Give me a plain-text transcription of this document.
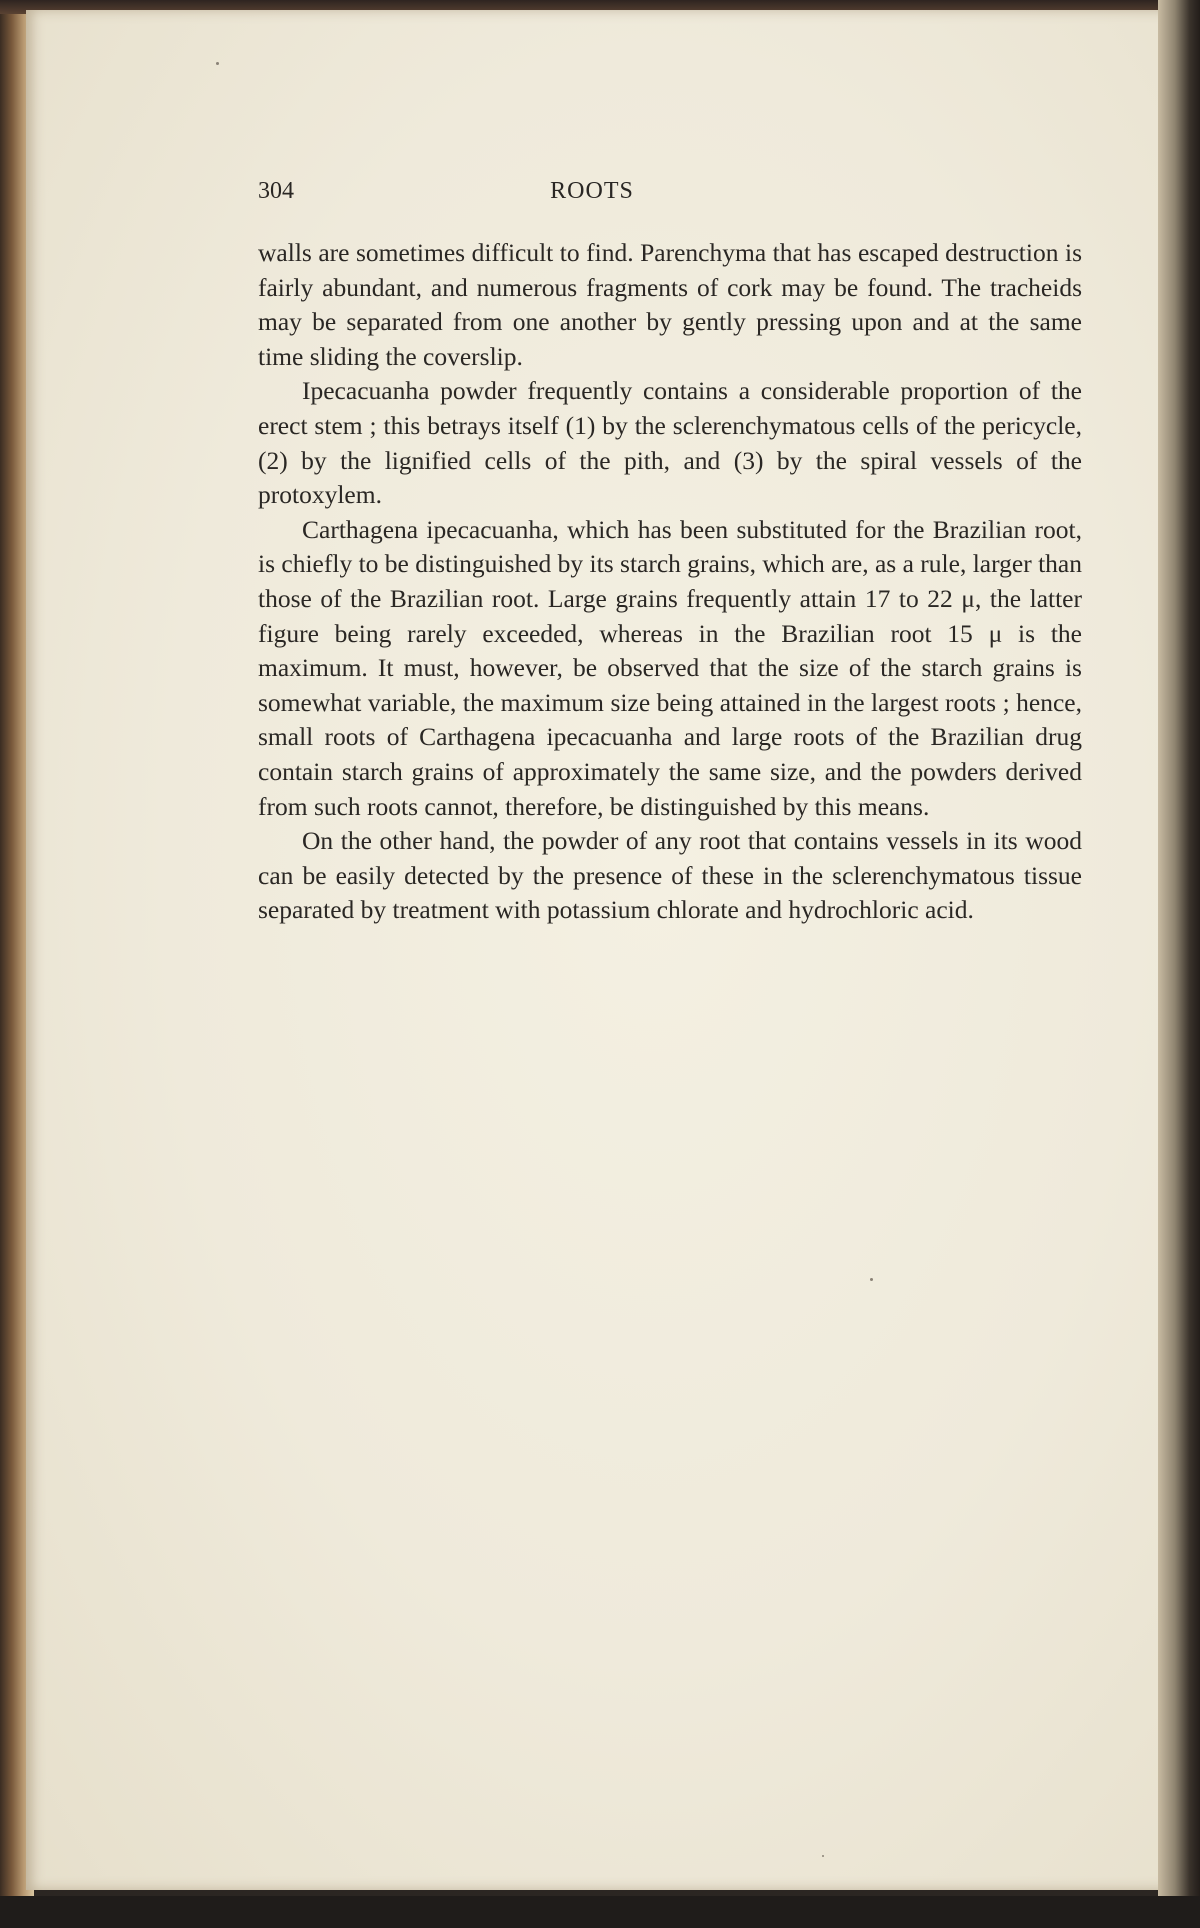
304	ROOTS

walls are sometimes difficult to find. Parenchyma that has escaped destruction is fairly abundant, and numerous fragments of cork may be found. The tracheids may be separated from one another by gently pressing upon and at the same time sliding the coverslip.

Ipecacuanha powder frequently contains a considerable proportion of the erect stem ; this betrays itself (1) by the sclerenchymatous cells of the pericycle, (2) by the lignified cells of the pith, and (3) by the spiral vessels of the protoxylem.

Carthagena ipecacuanha, which has been substituted for the Brazilian root, is chiefly to be distinguished by its starch grains, which are, as a rule, larger than those of the Brazilian root. Large grains frequently attain 17 to 22 μ, the latter figure being rarely exceeded, whereas in the Brazilian root 15 μ is the maximum. It must, however, be observed that the size of the starch grains is somewhat variable, the maximum size being attained in the largest roots ; hence, small roots of Carthagena ipecacuanha and large roots of the Brazilian drug contain starch grains of approximately the same size, and the powders derived from such roots cannot, therefore, be distinguished by this means.

On the other hand, the powder of any root that contains vessels in its wood can be easily detected by the presence of these in the sclerenchymatous tissue separated by treatment with potassium chlorate and hydrochloric acid.
